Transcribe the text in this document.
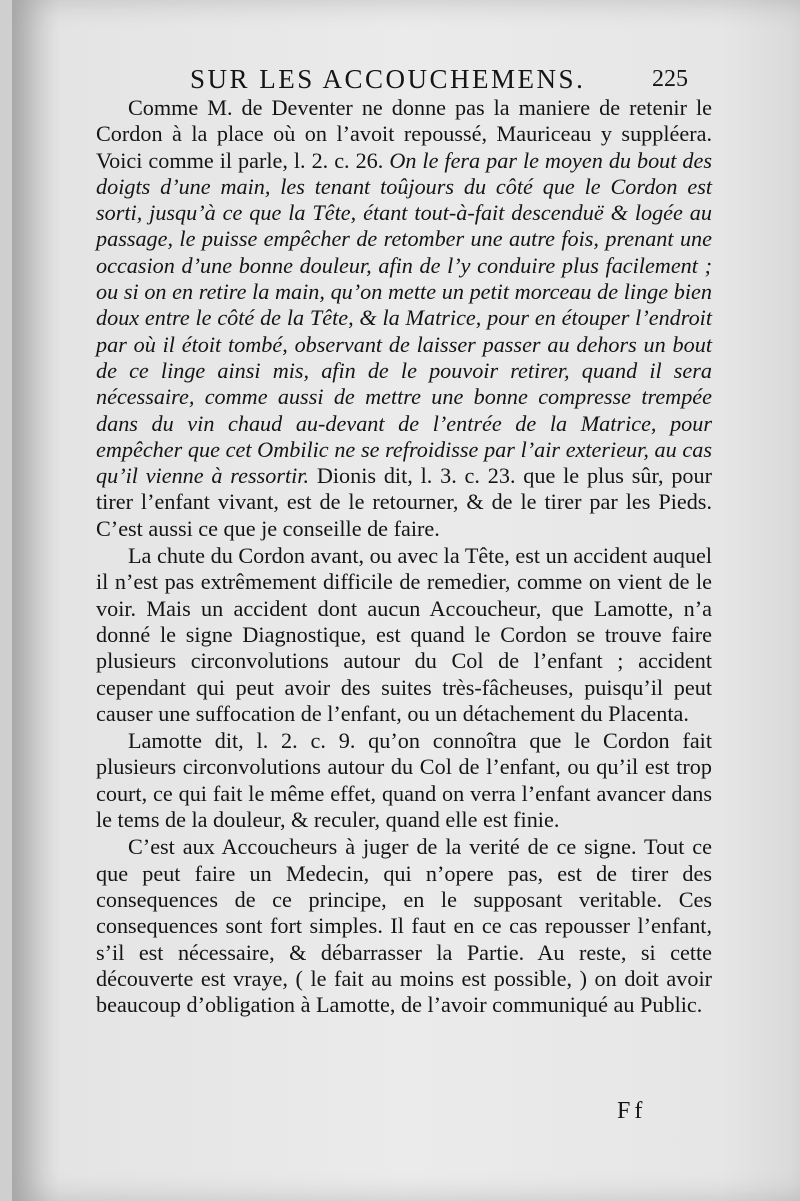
SUR LES ACCOUCHEMENS.	225

Comme M. de Deventer ne donne pas la maniere de retenir le Cordon à la place où on l’avoit repoussé, Mauriceau y suppléera. Voici comme il parle, l. 2. c. 26. On le fera par le moyen du bout des doigts d’une main, les tenant toûjours du côté que le Cordon est sorti, jusqu’à ce que la Tête, étant tout-à-fait descenduë & logée au passage, le puisse empêcher de retomber une autre fois, prenant une occasion d’une bonne douleur, afin de l’y conduire plus facilement ; ou si on en retire la main, qu’on mette un petit morceau de linge bien doux entre le côté de la Tête, & la Matrice, pour en étouper l’endroit par où il étoit tombé, observant de laisser passer au dehors un bout de ce linge ainsi mis, afin de le pouvoir retirer, quand il sera nécessaire, comme aussi de mettre une bonne compresse trempée dans du vin chaud au-devant de l’entrée de la Matrice, pour empêcher que cet Ombilic ne se refroidisse par l’air exterieur, au cas qu’il vienne à ressortir. Dionis dit, l. 3. c. 23. que le plus sûr, pour tirer l’enfant vivant, est de le retourner, & de le tirer par les Pieds. C’est aussi ce que je conseille de faire.

La chute du Cordon avant, ou avec la Tête, est un accident auquel il n’est pas extrêmement difficile de remedier, comme on vient de le voir. Mais un accident dont aucun Accoucheur, que Lamotte, n’a donné le signe Diagnostique, est quand le Cordon se trouve faire plusieurs circonvolutions autour du Col de l’enfant ; accident cependant qui peut avoir des suites très-fâcheuses, puisqu’il peut causer une suffocation de l’enfant, ou un détachement du Placenta.

Lamotte dit, l. 2. c. 9. qu’on connoîtra que le Cordon fait plusieurs circonvolutions autour du Col de l’enfant, ou qu’il est trop court, ce qui fait le même effet, quand on verra l’enfant avancer dans le tems de la douleur, & reculer, quand elle est finie.

C’est aux Accoucheurs à juger de la verité de ce signe. Tout ce que peut faire un Medecin, qui n’opere pas, est de tirer des consequences de ce principe, en le supposant veritable. Ces consequences sont fort simples. Il faut en ce cas repousser l’enfant, s’il est nécessaire, & débarrasser la Partie. Au reste, si cette découverte est vraye, ( le fait au moins est possible, ) on doit avoir beaucoup d’obligation à Lamotte, de l’avoir communiqué au Public.

Ff
